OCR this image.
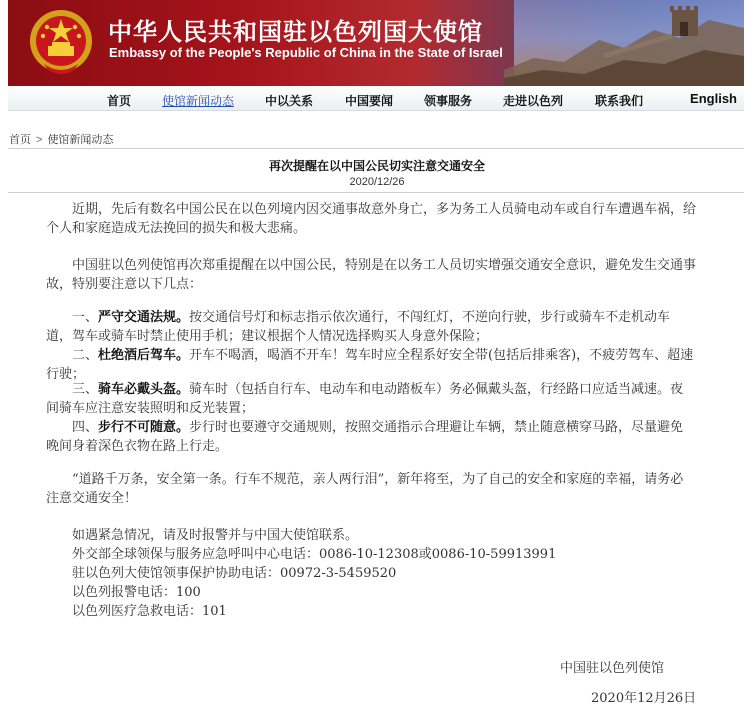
中华人民共和国驻以色列国大使馆
Embassy of the People's Republic of China in the State of Israel
首页	使馆新闻动态	中以关系	中国要闻	领事服务	走进以色列	联系我们	English
首页 > 使馆新闻动态
再次提醒在以中国公民切实注意交通安全
2020/12/26
近期，先后有数名中国公民在以色列境内因交通事故意外身亡，多为务工人员骑电动车或自行车遭遇车祸，给个人和家庭造成无法挽回的损失和极大悲痛。
中国驻以色列使馆再次郑重提醒在以中国公民，特别是在以务工人员切实增强交通安全意识，避免发生交通事故，特别要注意以下几点：
一、严守交通法规。按交通信号灯和标志指示依次通行，不闯红灯，不逆向行驶，步行或骑车不走机动车道，驾车或骑车时禁止使用手机；建议根据个人情况选择购买人身意外保险；
二、杜绝酒后驾车。开车不喝酒，喝酒不开车！驾车时应全程系好安全带(包括后排乘客)，不疲劳驾车、超速行驶；
三、骑车必戴头盔。骑车时（包括自行车、电动车和电动踏板车）务必佩戴头盔，行经路口应适当减速。夜间骑车应注意安装照明和反光装置；
四、步行不可随意。步行时也要遵守交通规则，按照交通指示合理避让车辆，禁止随意横穿马路，尽量避免晚间身着深色衣物在路上行走。
“道路千万条，安全第一条。行车不规范，亲人两行泪”，新年将至，为了自己的安全和家庭的幸福，请务必注意交通安全！
如遇紧急情况，请及时报警并与中国大使馆联系。
外交部全球领保与服务应急呼叫中心电话：0086-10-12308或0086-10-59913991
驻以色列大使馆领事保护协助电话：00972-3-5459520
以色列报警电话：100
以色列医疗急救电话：101
中国驻以色列使馆
2020年12月26日
